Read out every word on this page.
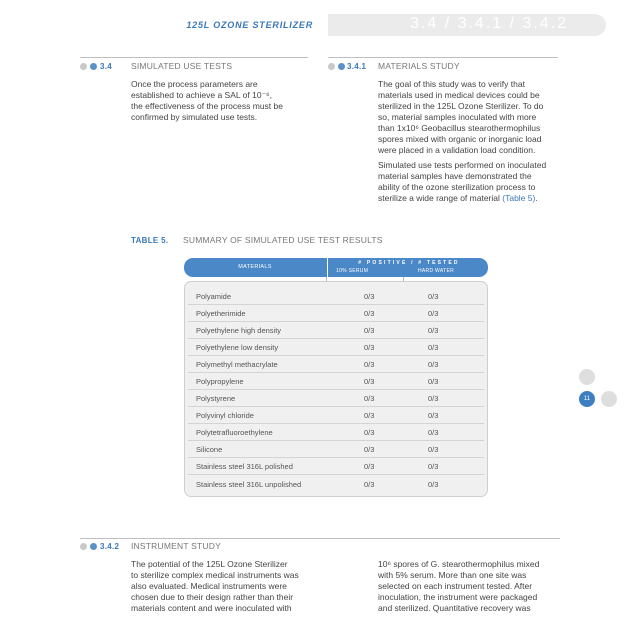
125L OZONE STERILIZER	3.4 / 3.4.1 / 3.4.2
3.4 SIMULATED USE TESTS
Once the process parameters are
established to achieve a SAL of 10⁻⁶,
the effectiveness of the process must be
confirmed by simulated use tests.
3.4.1 MATERIALS STUDY
The goal of this study was to verify that
materials used in medical devices could be
sterilized in the 125L Ozone Sterilizer. To do
so, material samples inoculated with more
than 1x10⁶ Geobacillus stearothermophilus
spores mixed with organic or inorganic load
were placed in a validation load condition.
Simulated use tests performed on inoculated
material samples have demonstrated the
ability of the ozone sterilization process to
sterilize a wide range of material (Table 5).
TABLE 5. SUMMARY OF SIMULATED USE TEST RESULTS
MATERIALS
# POSITIVE / # TESTED
10% SERUM	HARD WATER
Polyamide	0/3	0/3
Polyetherimide	0/3	0/3
Polyethylene high density	0/3	0/3
Polyethylene low density	0/3	0/3
Polymethyl methacrylate	0/3	0/3
Polypropylene	0/3	0/3
Polystyrene	0/3	0/3
Polyvinyl chloride	0/3	0/3
Polytetrafluoroethylene	0/3	0/3
Silicone	0/3	0/3
Stainless steel 316L polished	0/3	0/3
Stainless steel 316L unpolished	0/3	0/3
3.4.2 INSTRUMENT STUDY
The potential of the 125L Ozone Sterilizer
to sterilize complex medical instruments was
also evaluated. Medical instruments were
chosen due to their design rather than their
materials content and were inoculated with
10⁶ spores of G. stearothermophilus mixed
with 5% serum. More than one site was
selected on each instrument tested. After
inoculation, the instrument were packaged
and sterilized. Quantitative recovery was
11
